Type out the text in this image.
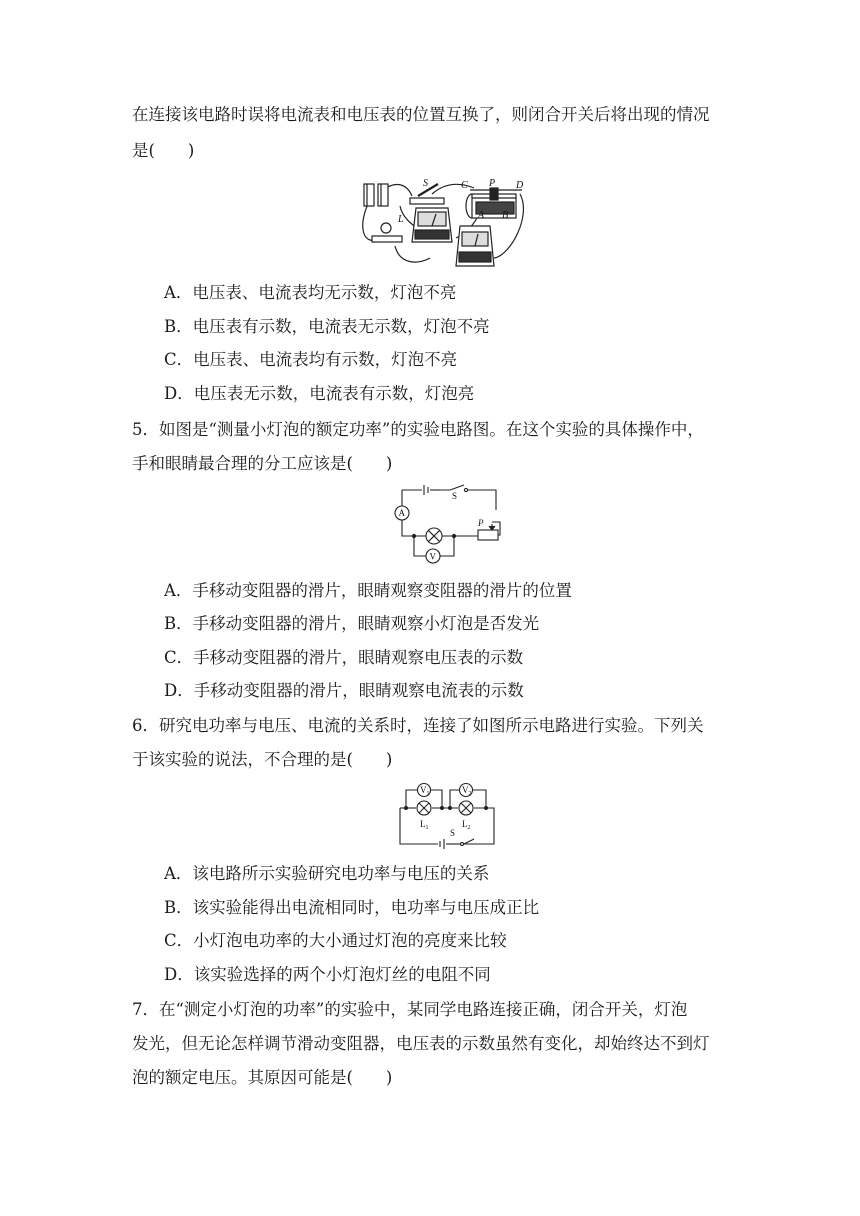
在连接该电路时误将电流表和电压表的位置互换了，则闭合开关后将出现的情况
是(　　)
S
L
C P D
A B
A．电压表、电流表均无示数，灯泡不亮
B．电压表有示数，电流表无示数，灯泡不亮
C．电压表、电流表均有示数，灯泡不亮
D．电压表无示数，电流表有示数，灯泡亮
5．如图是“测量小灯泡的额定功率”的实验电路图。在这个实验的具体操作中，
手和眼睛最合理的分工应该是(　　)
A
V
S
P
A．手移动变阻器的滑片，眼睛观察变阻器的滑片的位置
B．手移动变阻器的滑片，眼睛观察小灯泡是否发光
C．手移动变阻器的滑片，眼睛观察电压表的示数
D．手移动变阻器的滑片，眼睛观察电流表的示数
6．研究电功率与电压、电流的关系时，连接了如图所示电路进行实验。下列关
于该实验的说法，不合理的是(　　)
$V_1$	$V_2$
$L_1$	$L_2$
S
A．该电路所示实验研究电功率与电压的关系
B．该实验能得出电流相同时，电功率与电压成正比
C．小灯泡电功率的大小通过灯泡的亮度来比较
D．该实验选择的两个小灯泡灯丝的电阻不同
7．在“测定小灯泡的功率”的实验中，某同学电路连接正确，闭合开关，灯泡
发光，但无论怎样调节滑动变阻器，电压表的示数虽然有变化，却始终达不到灯
泡的额定电压。其原因可能是(　　)
